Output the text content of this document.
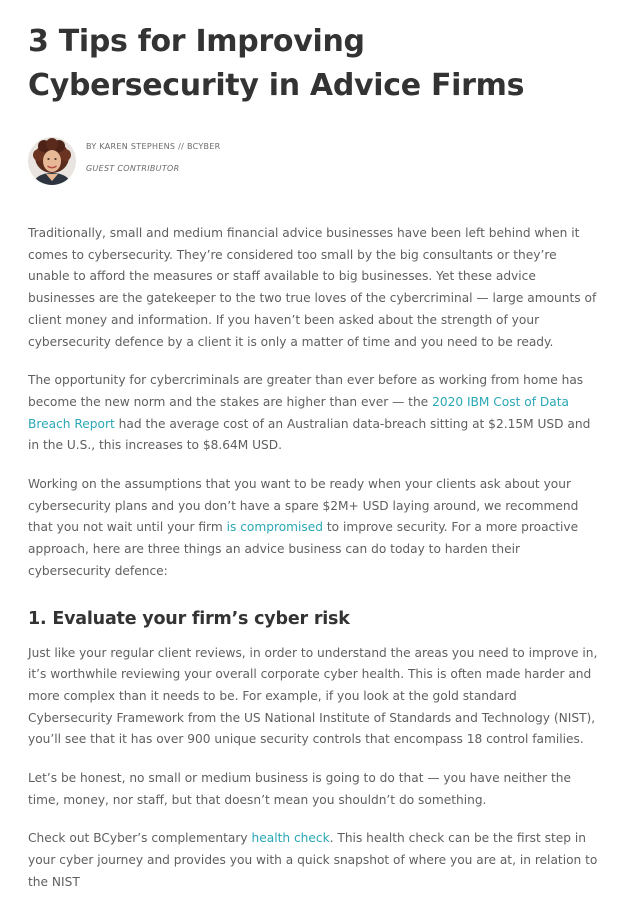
3 Tips for Improving Cybersecurity in Advice Firms
BY KAREN STEPHENS // BCYBER
GUEST CONTRIBUTOR

Traditionally, small and medium financial advice businesses have been left behind when it comes to cybersecurity. They’re considered too small by the big consultants or they’re unable to afford the measures or staff available to big businesses. Yet these advice businesses are the gatekeeper to the two true loves of the cybercriminal — large amounts of client money and information. If you haven’t been asked about the strength of your cybersecurity defence by a client it is only a matter of time and you need to be ready.

The opportunity for cybercriminals are greater than ever before as working from home has become the new norm and the stakes are higher than ever — the 2020 IBM Cost of Data Breach Report had the average cost of an Australian data-breach sitting at $2.15M USD and in the U.S., this increases to $8.64M USD.

Working on the assumptions that you want to be ready when your clients ask about your cybersecurity plans and you don’t have a spare $2M+ USD laying around, we recommend that you not wait until your firm is compromised to improve security. For a more proactive approach, here are three things an advice business can do today to harden their cybersecurity defence:

1. Evaluate your firm’s cyber risk

Just like your regular client reviews, in order to understand the areas you need to improve in, it’s worthwhile reviewing your overall corporate cyber health. This is often made harder and more complex than it needs to be. For example, if you look at the gold standard Cybersecurity Framework from the US National Institute of Standards and Technology (NIST), you’ll see that it has over 900 unique security controls that encompass 18 control families.

Let’s be honest, no small or medium business is going to do that — you have neither the time, money, nor staff, but that doesn’t mean you shouldn’t do something.

Check out BCyber’s complementary health check. This health check can be the first step in your cyber journey and provides you with a quick snapshot of where you are at, in relation to the NIST
